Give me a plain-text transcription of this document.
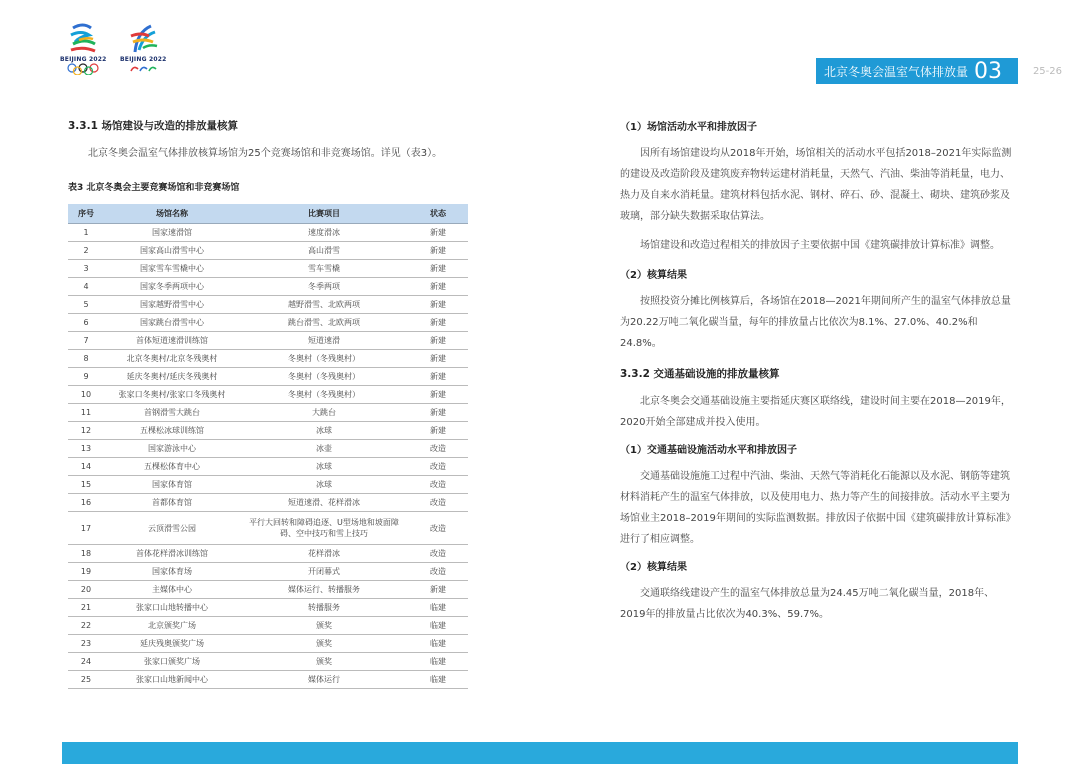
BEIJING 2022 BEIJING 2022
北京冬奥会温室气体排放量 03	25-26

3.3.1 场馆建设与改造的排放量核算

北京冬奥会温室气体排放核算场馆为25个竞赛场馆和非竞赛场馆。详见（表3）。

表3 北京冬奥会主要竞赛场馆和非竞赛场馆

序号	场馆名称	比赛项目	状态
1	国家速滑馆	速度滑冰	新建
2	国家高山滑雪中心	高山滑雪	新建
3	国家雪车雪橇中心	雪车雪橇	新建
4	国家冬季两项中心	冬季两项	新建
5	国家越野滑雪中心	越野滑雪、北欧两项	新建
6	国家跳台滑雪中心	跳台滑雪、北欧两项	新建
7	首体短道速滑训练馆	短道速滑	新建
8	北京冬奥村/北京冬残奥村	冬奥村（冬残奥村）	新建
9	延庆冬奥村/延庆冬残奥村	冬奥村（冬残奥村）	新建
10	张家口冬奥村/张家口冬残奥村	冬奥村（冬残奥村）	新建
11	首钢滑雪大跳台	大跳台	新建
12	五棵松冰球训练馆	冰球	新建
13	国家游泳中心	冰壶	改造
14	五棵松体育中心	冰球	改造
15	国家体育馆	冰球	改造
16	首都体育馆	短道速滑、花样滑冰	改造
17	云顶滑雪公园	平行大回转和障碍追逐、U型场地和坡面障碍、空中技巧和雪上技巧	改造
18	首体花样滑冰训练馆	花样滑冰	改造
19	国家体育场	开闭幕式	改造
20	主媒体中心	媒体运行、转播服务	新建
21	张家口山地转播中心	转播服务	临建
22	北京颁奖广场	颁奖	临建
23	延庆残奥颁奖广场	颁奖	临建
24	张家口颁奖广场	颁奖	临建
25	张家口山地新闻中心	媒体运行	临建

（1）场馆活动水平和排放因子

因所有场馆建设均从2018年开始，场馆相关的活动水平包括2018–2021年实际监测的建设及改造阶段及建筑废弃物转运建材消耗量，天然气、汽油、柴油等消耗量，电力、热力及自来水消耗量。建筑材料包括水泥、钢材、碎石、砂、混凝土、砌块、建筑砂浆及玻璃，部分缺失数据采取估算法。

场馆建设和改造过程相关的排放因子主要依据中国《建筑碳排放计算标准》调整。

（2）核算结果

按照投资分摊比例核算后，各场馆在2018—2021年期间所产生的温室气体排放总量为20.22万吨二氧化碳当量，每年的排放量占比依次为8.1%、27.0%、40.2%和24.8%。

3.3.2 交通基础设施的排放量核算

北京冬奥会交通基础设施主要指延庆赛区联络线，建设时间主要在2018—2019年，2020开始全部建成并投入使用。

（1）交通基础设施活动水平和排放因子

交通基础设施施工过程中汽油、柴油、天然气等消耗化石能源以及水泥、钢筋等建筑材料消耗产生的温室气体排放，以及使用电力、热力等产生的间接排放。活动水平主要为场馆业主2018–2019年期间的实际监测数据。排放因子依据中国《建筑碳排放计算标准》进行了相应调整。

（2）核算结果

交通联络线建设产生的温室气体排放总量为24.45万吨二氧化碳当量，2018年、2019年的排放量占比依次为40.3%、59.7%。
